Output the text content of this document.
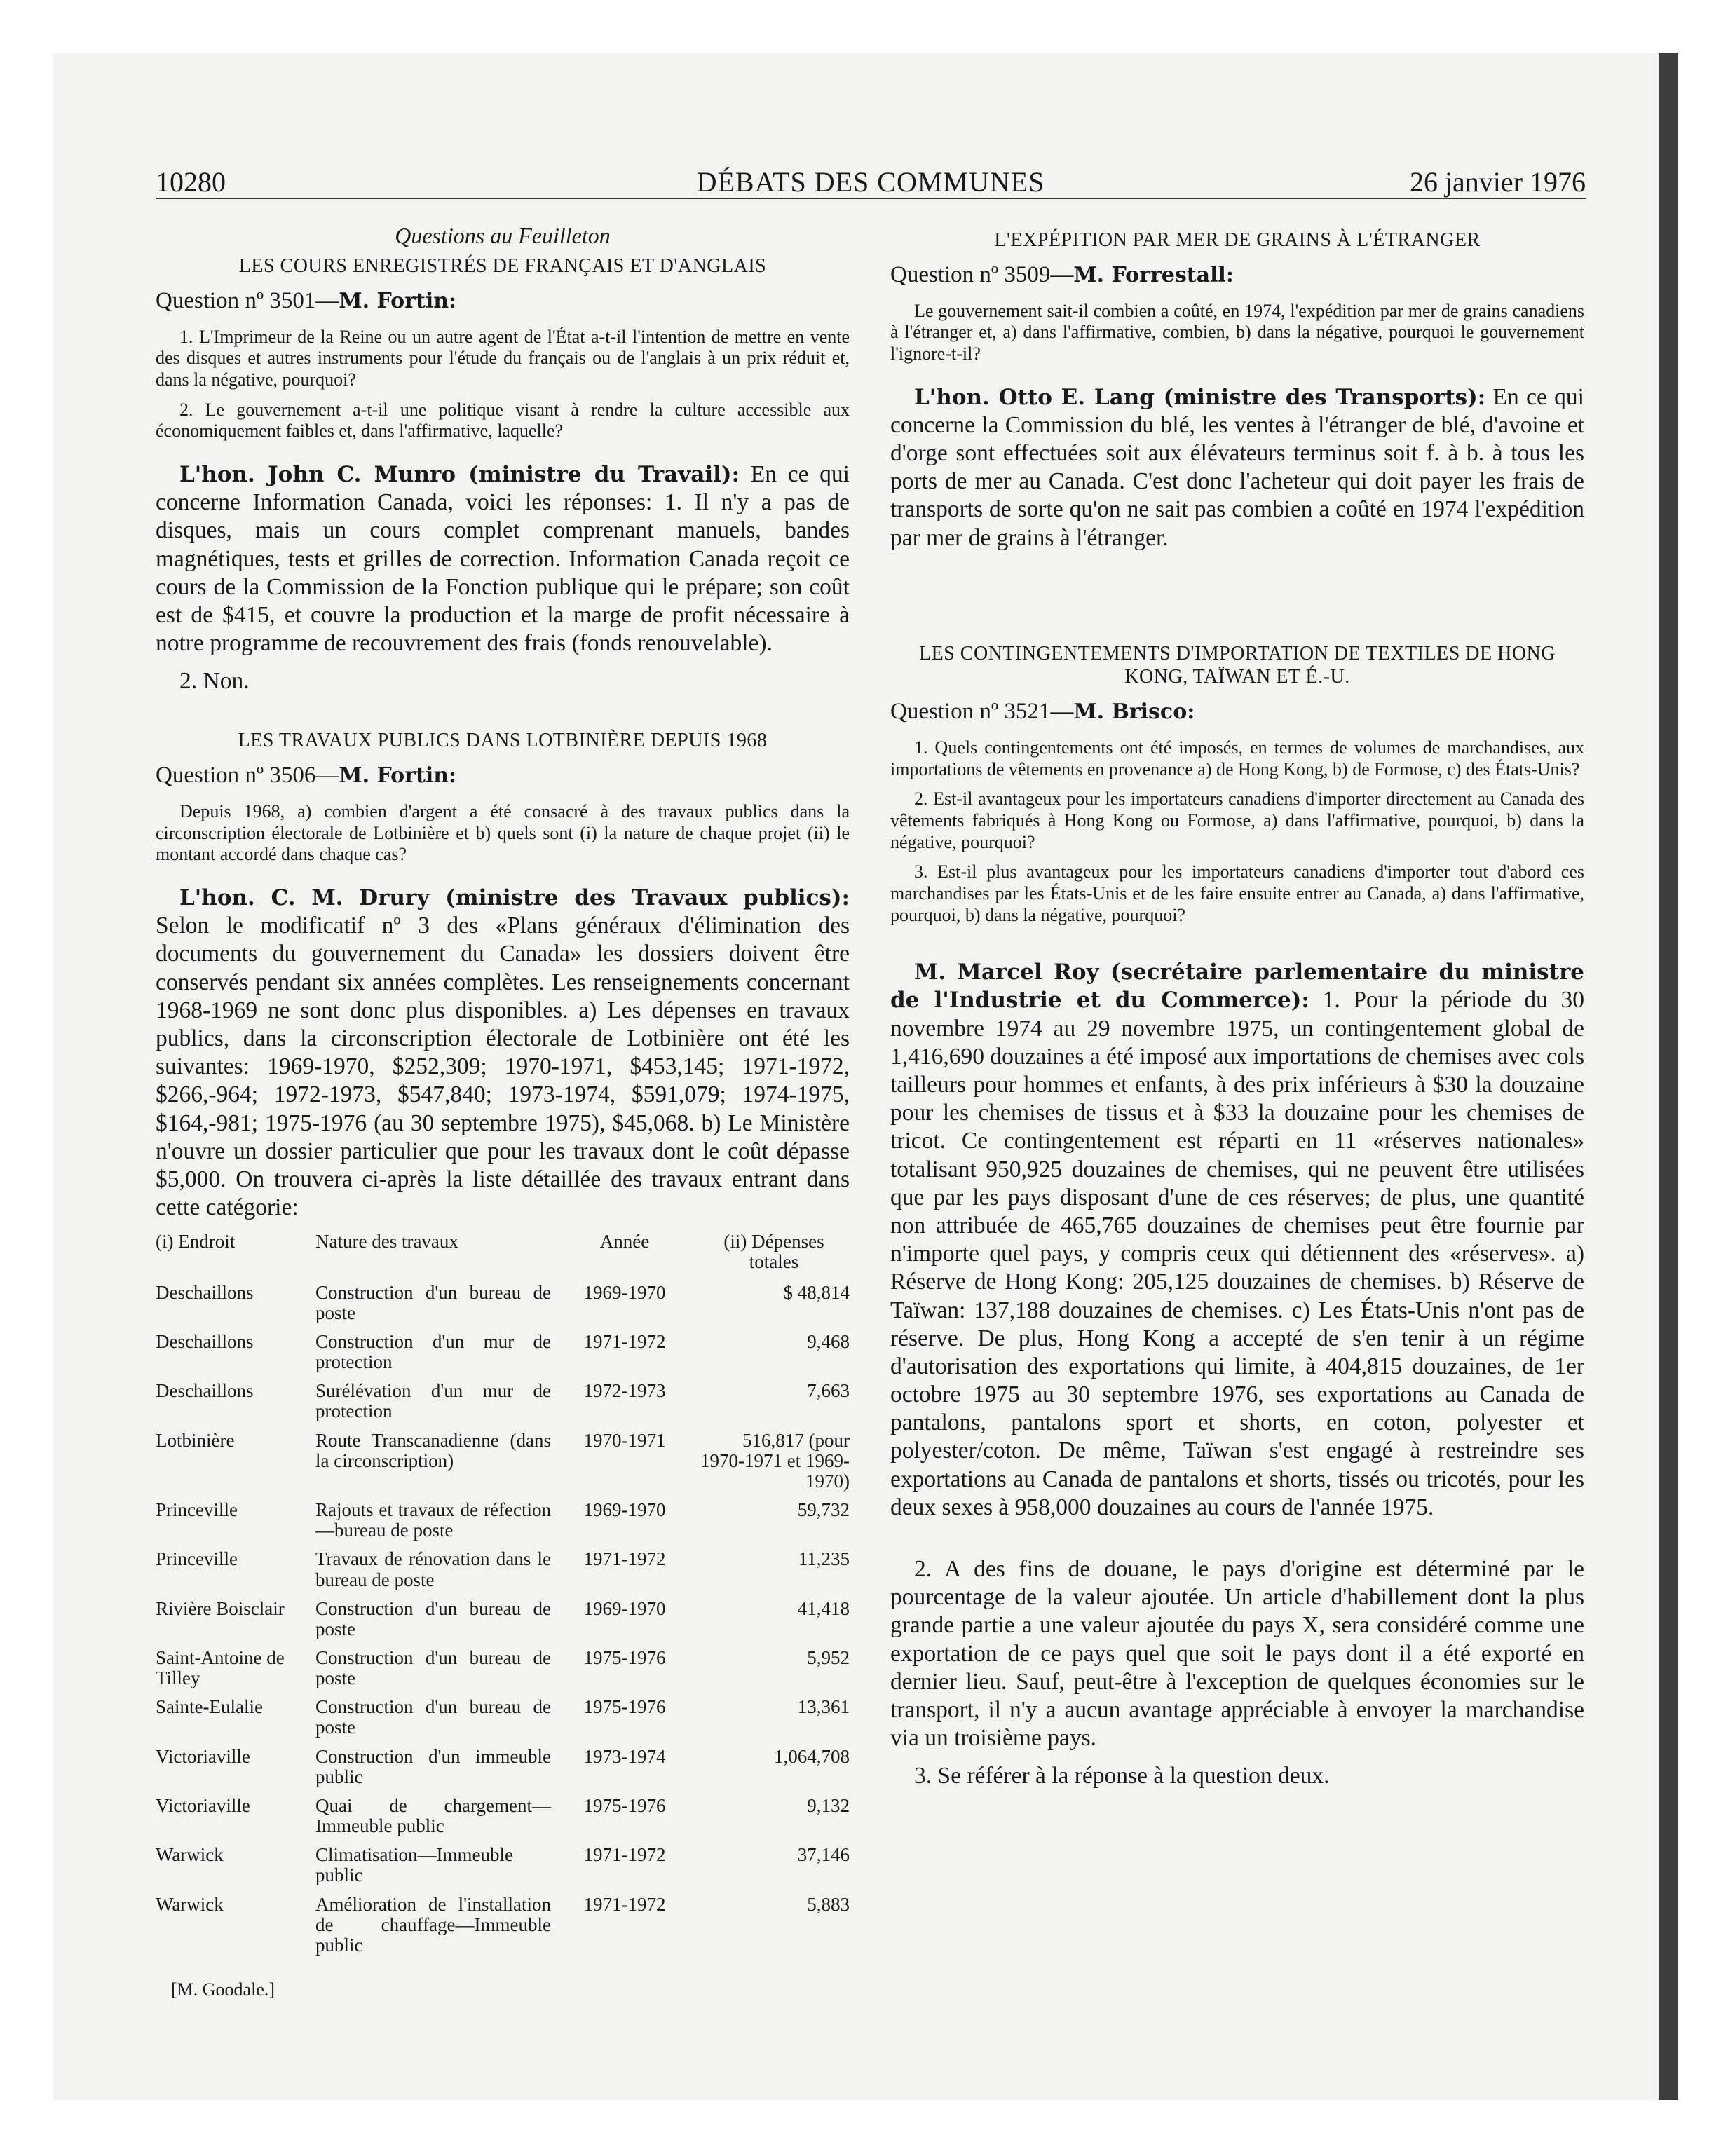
10280	DÉBATS DES COMMUNES	26 janvier 1976
Questions au Feuilleton
LES COURS ENREGISTRÉS DE FRANÇAIS ET D'ANGLAIS
Question nº 3501—M. Fortin:

1. L'Imprimeur de la Reine ou un autre agent de l'État a-t-il l'intention de mettre en vente des disques et autres instruments pour l'étude du français ou de l'anglais à un prix réduit et, dans la négative, pourquoi?

2. Le gouvernement a-t-il une politique visant à rendre la culture accessible aux économiquement faibles et, dans l'affirmative, laquelle?

L'hon. John C. Munro (ministre du Travail): En ce qui concerne Information Canada, voici les réponses: 1. Il n'y a pas de disques, mais un cours complet comprenant manuels, bandes magnétiques, tests et grilles de correction. Information Canada reçoit ce cours de la Commission de la Fonction publique qui le prépare; son coût est de $415, et couvre la production et la marge de profit nécessaire à notre programme de recouvrement des frais (fonds renouvelable).

2. Non.

LES TRAVAUX PUBLICS DANS LOTBINIÈRE DEPUIS 1968
Question nº 3506—M. Fortin:

Depuis 1968, a) combien d'argent a été consacré à des travaux publics dans la circonscription électorale de Lotbinière et b) quels sont (i) la nature de chaque projet (ii) le montant accordé dans chaque cas?

L'hon. C. M. Drury (ministre des Travaux publics): Selon le modificatif nº 3 des «Plans généraux d'élimination des documents du gouvernement du Canada» les dossiers doivent être conservés pendant six années complètes. Les renseignements concernant 1968-1969 ne sont donc plus disponibles. a) Les dépenses en travaux publics, dans la circonscription électorale de Lotbinière ont été les suivantes: 1969-1970, $252,309; 1970-1971, $453,145; 1971-1972, $266,-964; 1972-1973, $547,840; 1973-1974, $591,079; 1974-1975, $164,-981; 1975-1976 (au 30 septembre 1975), $45,068. b) Le Ministère n'ouvre un dossier particulier que pour les travaux dont le coût dépasse $5,000. On trouvera ci-après la liste détaillée des travaux entrant dans cette catégorie:

(i) Endroit	Nature des travaux	Année	(ii) Dépenses totales
Deschaillons	Construction d'un bureau de poste	1969-1970	$ 48,814
Deschaillons	Construction d'un mur de protection	1971-1972	9,468
Deschaillons	Surélévation d'un mur de protection	1972-1973	7,663
Lotbinière	Route Transcanadienne (dans la circonscription)	1970-1971	516,817 (pour 1970-1971 et 1969-1970)
Princeville	Rajouts et travaux de réfection—bureau de poste	1969-1970	59,732
Princeville	Travaux de rénovation dans le bureau de poste	1971-1972	11,235
Rivière Boisclair	Construction d'un bureau de poste	1969-1970	41,418
Saint-Antoine de Tilley	Construction d'un bureau de poste	1975-1976	5,952
Sainte-Eulalie	Construction d'un bureau de poste	1975-1976	13,361
Victoriaville	Construction d'un immeuble public	1973-1974	1,064,708
Victoriaville	Quai de chargement—Immeuble public	1975-1976	9,132
Warwick	Climatisation—Immeuble public	1971-1972	37,146
Warwick	Amélioration de l'installation de chauffage—Immeuble public	1971-1972	5,883
[M. Goodale.]
L'EXPÉPITION PAR MER DE GRAINS À L'ÉTRANGER
Question nº 3509—M. Forrestall:

Le gouvernement sait-il combien a coûté, en 1974, l'expédition par mer de grains canadiens à l'étranger et, a) dans l'affirmative, combien, b) dans la négative, pourquoi le gouvernement l'ignore-t-il?

L'hon. Otto E. Lang (ministre des Transports): En ce qui concerne la Commission du blé, les ventes à l'étranger de blé, d'avoine et d'orge sont effectuées soit aux élévateurs terminus soit f. à b. à tous les ports de mer au Canada. C'est donc l'acheteur qui doit payer les frais de transports de sorte qu'on ne sait pas combien a coûté en 1974 l'expédition par mer de grains à l'étranger.

LES CONTINGENTEMENTS D'IMPORTATION DE TEXTILES DE HONG KONG, TAÏWAN ET É.-U.
Question nº 3521—M. Brisco:

1. Quels contingentements ont été imposés, en termes de volumes de marchandises, aux importations de vêtements en provenance a) de Hong Kong, b) de Formose, c) des États-Unis?

2. Est-il avantageux pour les importateurs canadiens d'importer directement au Canada des vêtements fabriqués à Hong Kong ou Formose, a) dans l'affirmative, pourquoi, b) dans la négative, pourquoi?

3. Est-il plus avantageux pour les importateurs canadiens d'importer tout d'abord ces marchandises par les États-Unis et de les faire ensuite entrer au Canada, a) dans l'affirmative, pourquoi, b) dans la négative, pourquoi?

M. Marcel Roy (secrétaire parlementaire du ministre de l'Industrie et du Commerce): 1. Pour la période du 30 novembre 1974 au 29 novembre 1975, un contingentement global de 1,416,690 douzaines a été imposé aux importations de chemises avec cols tailleurs pour hommes et enfants, à des prix inférieurs à $30 la douzaine pour les chemises de tissus et à $33 la douzaine pour les chemises de tricot. Ce contingentement est réparti en 11 «réserves nationales» totalisant 950,925 douzaines de chemises, qui ne peuvent être utilisées que par les pays disposant d'une de ces réserves; de plus, une quantité non attribuée de 465,765 douzaines de chemises peut être fournie par n'importe quel pays, y compris ceux qui détiennent des «réserves». a) Réserve de Hong Kong: 205,125 douzaines de chemises. b) Réserve de Taïwan: 137,188 douzaines de chemises. c) Les États-Unis n'ont pas de réserve. De plus, Hong Kong a accepté de s'en tenir à un régime d'autorisation des exportations qui limite, à 404,815 douzaines, de 1er octobre 1975 au 30 septembre 1976, ses exportations au Canada de pantalons, pantalons sport et shorts, en coton, polyester et polyester/coton. De même, Taïwan s'est engagé à restreindre ses exportations au Canada de pantalons et shorts, tissés ou tricotés, pour les deux sexes à 958,000 douzaines au cours de l'année 1975.

2. A des fins de douane, le pays d'origine est déterminé par le pourcentage de la valeur ajoutée. Un article d'habillement dont la plus grande partie a une valeur ajoutée du pays X, sera considéré comme une exportation de ce pays quel que soit le pays dont il a été exporté en dernier lieu. Sauf, peut-être à l'exception de quelques économies sur le transport, il n'y a aucun avantage appréciable à envoyer la marchandise via un troisième pays.

3. Se référer à la réponse à la question deux.
